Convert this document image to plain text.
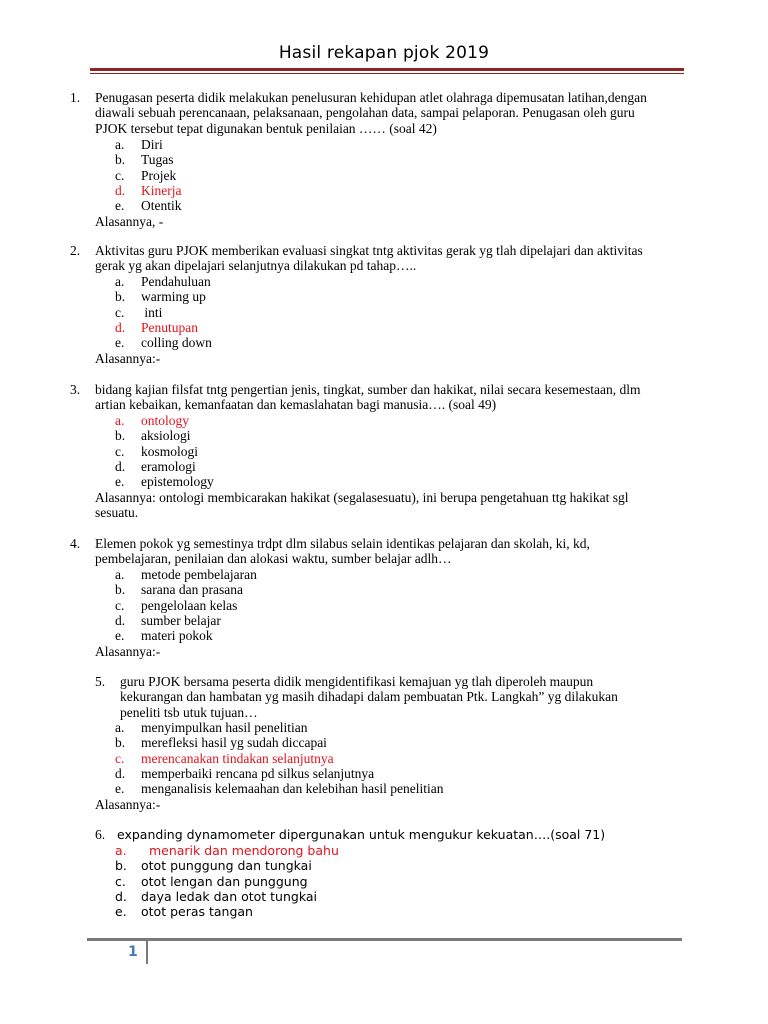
Hasil rekapan pjok 2019
1. Penugasan peserta didik melakukan penelusuran kehidupan atlet olahraga dipemusatan latihan,dengan
diawali sebuah perencanaan, pelaksanaan, pengolahan data, sampai pelaporan. Penugasan oleh guru
PJOK tersebut tepat digunakan bentuk penilaian …… (soal 42)
a. Diri
b. Tugas
c. Projek
d. Kinerja
e. Otentik
Alasannya, -
2. Aktivitas guru PJOK memberikan evaluasi singkat tntg aktivitas gerak yg tlah dipelajari dan aktivitas
gerak yg akan dipelajari selanjutnya dilakukan pd tahap…..
a. Pendahuluan
b. warming up
c. inti
d. Penutupan
e. colling down
Alasannya:-
3. bidang kajian filsfat tntg pengertian jenis, tingkat, sumber dan hakikat, nilai secara kesemestaan, dlm
artian kebaikan, kemanfaatan dan kemaslahatan bagi manusia…. (soal 49)
a. ontology
b. aksiologi
c. kosmologi
d. eramologi
e. epistemology
Alasannya: ontologi membicarakan hakikat (segalasesuatu), ini berupa pengetahuan ttg hakikat sgl
sesuatu.
4. Elemen pokok yg semestinya trdpt dlm silabus selain identikas pelajaran dan skolah, ki, kd,
pembelajaran, penilaian dan alokasi waktu, sumber belajar adlh…
a. metode pembelajaran
b. sarana dan prasana
c. pengelolaan kelas
d. sumber belajar
e. materi pokok
Alasannya:-
5. guru PJOK bersama peserta didik mengidentifikasi kemajuan yg tlah diperoleh maupun
kekurangan dan hambatan yg masih dihadapi dalam pembuatan Ptk. Langkah” yg dilakukan
peneliti tsb utuk tujuan…
a. menyimpulkan hasil penelitian
b. merefleksi hasil yg sudah diccapai
c. merencanakan tindakan selanjutnya
d. memperbaiki rencana pd silkus selanjutnya
e. menganalisis kelemaahan dan kelebihan hasil penelitian
Alasannya:-
6. expanding dynamometer dipergunakan untuk mengukur kekuatan….(soal 71)
a. menarik dan mendorong bahu
b. otot punggung dan tungkai
c. otot lengan dan punggung
d. daya ledak dan otot tungkai
e. otot peras tangan
1
